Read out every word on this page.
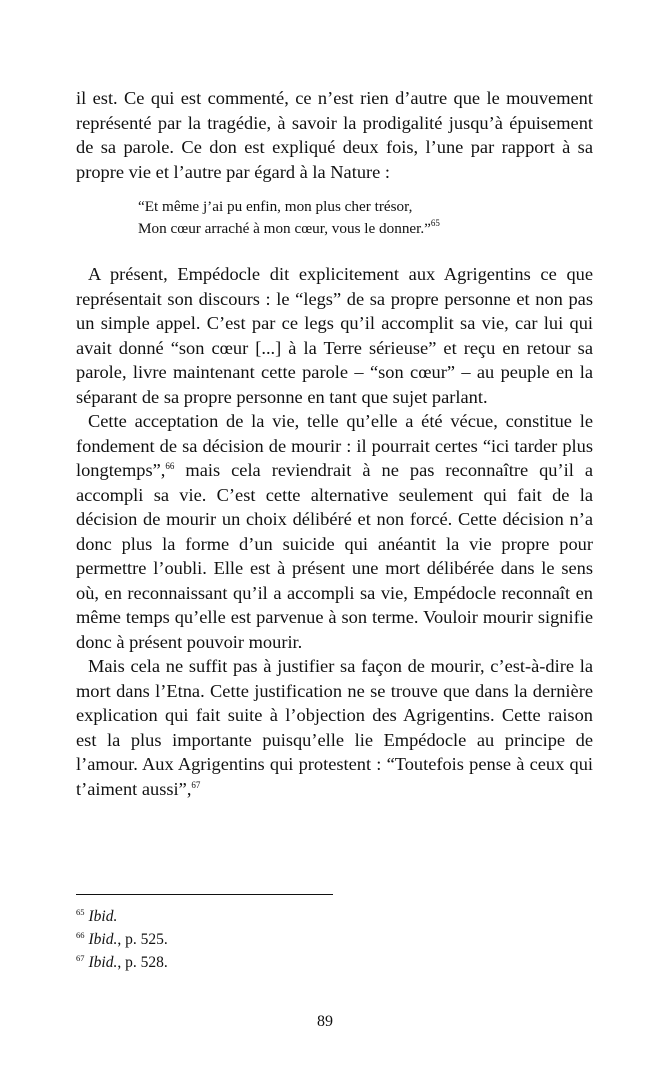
il est. Ce qui est commenté, ce n’est rien d’autre que le mouvement représenté par la tragédie, à savoir la prodigalité jusqu’à épuisement de sa parole. Ce don est expliqué deux fois, l’une par rapport à sa propre vie et l’autre par égard à la Nature :

“Et même j’ai pu enfin, mon plus cher trésor,
Mon cœur arraché à mon cœur, vous le donner.”$^{65}$

A présent, Empédocle dit explicitement aux Agrigentins ce que représentait son discours : le “legs” de sa propre personne et non pas un simple appel. C’est par ce legs qu’il accomplit sa vie, car lui qui avait donné “son cœur [...] à la Terre sérieuse” et reçu en retour sa parole, livre maintenant cette parole – “son cœur” – au peuple en la séparant de sa propre personne en tant que sujet parlant.

Cette acceptation de la vie, telle qu’elle a été vécue, constitue le fondement de sa décision de mourir : il pourrait certes “ici tarder plus longtemps”,$^{66}$ mais cela reviendrait à ne pas reconnaître qu’il a accompli sa vie. C’est cette alternative seulement qui fait de la décision de mourir un choix délibéré et non forcé. Cette décision n’a donc plus la forme d’un suicide qui anéantit la vie propre pour permettre l’oubli. Elle est à présent une mort délibérée dans le sens où, en reconnaissant qu’il a accompli sa vie, Empédocle reconnaît en même temps qu’elle est parvenue à son terme. Vouloir mourir signifie donc à présent pouvoir mourir.

Mais cela ne suffit pas à justifier sa façon de mourir, c’est-à-dire la mort dans l’Etna. Cette justification ne se trouve que dans la dernière explication qui fait suite à l’objection des Agrigentins. Cette raison est la plus importante puisqu’elle lie Empédocle au principe de l’amour. Aux Agrigentins qui protestent : “Toutefois pense à ceux qui t’aiment aussi”,$^{67}$

$^{65}$ Ibid.
$^{66}$ Ibid., p. 525.
$^{67}$ Ibid., p. 528.
89
